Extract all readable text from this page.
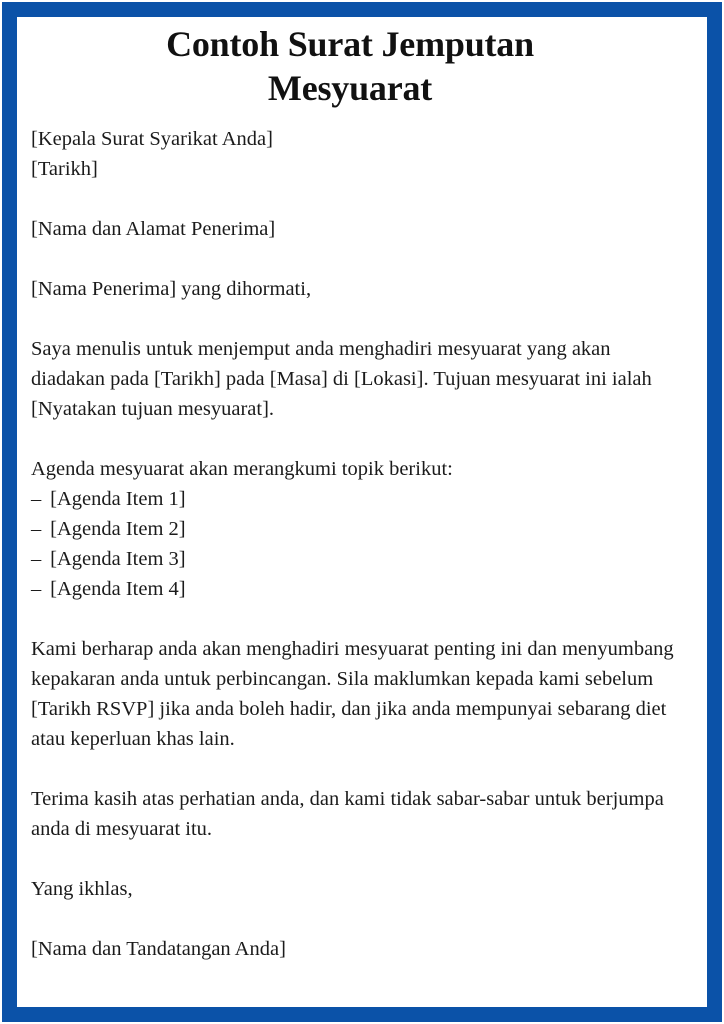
Contoh Surat Jemputan
Mesyuarat
[Kepala Surat Syarikat Anda]
[Tarikh]
[Nama dan Alamat Penerima]
[Nama Penerima] yang dihormati,
Saya menulis untuk menjemput anda menghadiri mesyuarat yang akan diadakan pada [Tarikh] pada [Masa] di [Lokasi]. Tujuan mesyuarat ini ialah [Nyatakan tujuan mesyuarat].
Agenda mesyuarat akan merangkumi topik berikut:
– [Agenda Item 1]
– [Agenda Item 2]
– [Agenda Item 3]
– [Agenda Item 4]
Kami berharap anda akan menghadiri mesyuarat penting ini dan menyumbang kepakaran anda untuk perbincangan. Sila maklumkan kepada kami sebelum [Tarikh RSVP] jika anda boleh hadir, dan jika anda mempunyai sebarang diet atau keperluan khas lain.
Terima kasih atas perhatian anda, dan kami tidak sabar-sabar untuk berjumpa anda di mesyuarat itu.
Yang ikhlas,
[Nama dan Tandatangan Anda]
